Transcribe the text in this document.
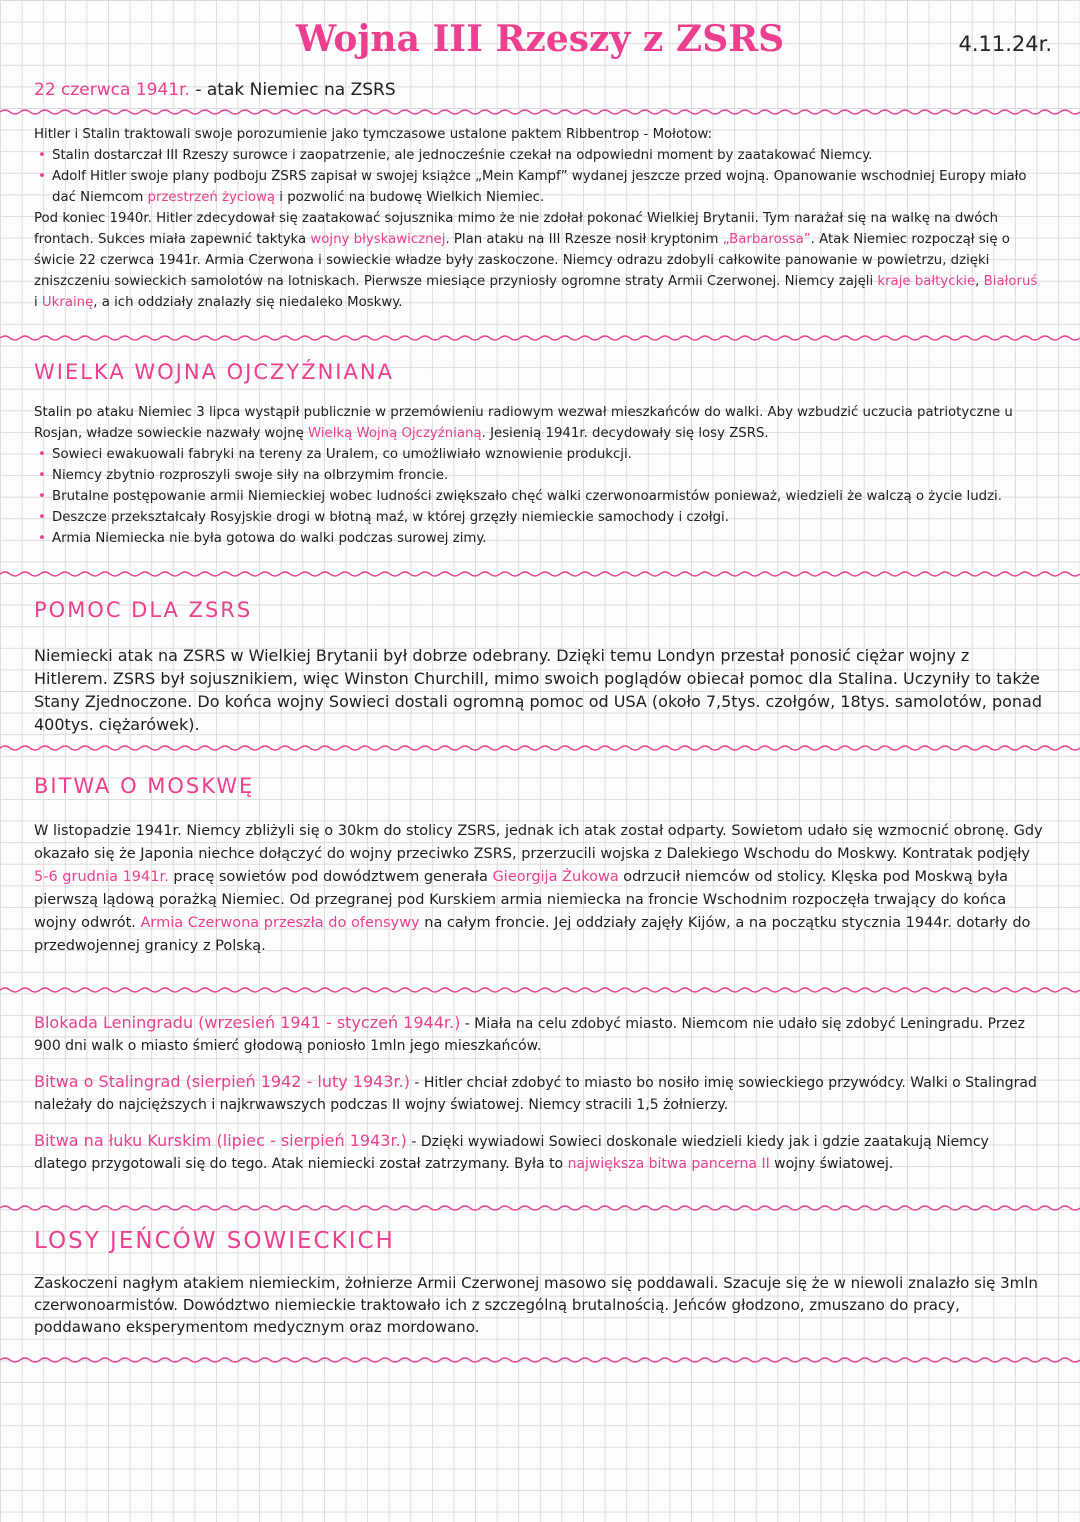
Wojna III Rzeszy z ZSRS	4.11.24r.
22 czerwca 1941r. - atak Niemiec na ZSRS

Hitler i Stalin traktowali swoje porozumienie jako tymczasowe ustalone paktem Ribbentrop - Mołotow:

• Stalin dostarczał III Rzeszy surowce i zaopatrzenie, ale jednocześnie czekał na odpowiedni moment by zaatakować Niemcy.
• Adolf Hitler swoje plany podboju ZSRS zapisał w swojej książce „Mein Kampf” wydanej jeszcze przed wojną. Opanowanie wschodniej Europy miało dać Niemcom przestrzeń życiową i pozwolić na budowę Wielkich Niemiec.

Pod koniec 1940r. Hitler zdecydował się zaatakować sojusznika mimo że nie zdołał pokonać Wielkiej Brytanii. Tym narażał się na walkę na dwóch frontach. Sukces miała zapewnić taktyka wojny błyskawicznej. Plan ataku na III Rzesze nosił kryptonim „Barbarossa”. Atak Niemiec rozpoczął się o świcie 22 czerwca 1941r. Armia Czerwona i sowieckie władze były zaskoczone. Niemcy odrazu zdobyli całkowite panowanie w powietrzu, dzięki zniszczeniu sowieckich samolotów na lotniskach. Pierwsze miesiące przyniosły ogromne straty Armii Czerwonej. Niemcy zajęli kraje bałtyckie, Białoruś i Ukrainę, a ich oddziały znalazły się niedaleko Moskwy.

WIELKA WOJNA OJCZYŹNIANA

Stalin po ataku Niemiec 3 lipca wystąpił publicznie w przemówieniu radiowym wezwał mieszkańców do walki. Aby wzbudzić uczucia patriotyczne u Rosjan, władze sowieckie nazwały wojnę Wielką Wojną Ojczyźnianą. Jesienią 1941r. decydowały się losy ZSRS.

• Sowieci ewakuowali fabryki na tereny za Uralem, co umożliwiało wznowienie produkcji.
• Niemcy zbytnio rozproszyli swoje siły na olbrzymim froncie.
• Brutalne postępowanie armii Niemieckiej wobec ludności zwiększało chęć walki czerwonoarmistów ponieważ, wiedzieli że walczą o życie ludzi.
• Deszcze przekształcały Rosyjskie drogi w błotną maź, w której grzęzły niemieckie samochody i czołgi.
• Armia Niemiecka nie była gotowa do walki podczas surowej zimy.
POMOC DLA ZSRS
Niemiecki atak na ZSRS w Wielkiej Brytanii był dobrze odebrany. Dzięki temu Londyn przestał ponosić ciężar wojny z Hitlerem. ZSRS był sojusznikiem, więc Winston Churchill, mimo swoich poglądów obiecał pomoc dla Stalina. Uczyniły to także Stany Zjednoczone. Do końca wojny Sowieci dostali ogromną pomoc od USA (około 7,5tys. czołgów, 18tys. samolotów, ponad 400tys. ciężarówek).
BITWA O MOSKWĘ

W listopadzie 1941r. Niemcy zbliżyli się o 30km do stolicy ZSRS, jednak ich atak został odparty. Sowietom udało się wzmocnić obronę. Gdy okazało się że Japonia niechce dołączyć do wojny przeciwko ZSRS, przerzucili wojska z Dalekiego Wschodu do Moskwy. Kontratak podjęły 5-6 grudnia 1941r. pracę sowietów pod dowództwem generała Gieorgija Żukowa odrzucił niemców od stolicy. Klęska pod Moskwą była pierwszą lądową porażką Niemiec. Od przegranej pod Kurskiem armia niemiecka na froncie Wschodnim rozpoczęła trwający do końca wojny odwrót. Armia Czerwona przeszła do ofensywy na całym froncie. Jej oddziały zajęły Kijów, a na początku stycznia 1944r. dotarły do przedwojennej granicy z Polską.

Blokada Leningradu (wrzesień 1941 - styczeń 1944r.) - Miała na celu zdobyć miasto. Niemcom nie udało się zdobyć Leningradu. Przez 900 dni walk o miasto śmierć głodową poniosło 1mln jego mieszkańców.

Bitwa o Stalingrad (sierpień 1942 - luty 1943r.) - Hitler chciał zdobyć to miasto bo nosiło imię sowieckiego przywódcy. Walki o Stalingrad należały do najcięższych i najkrwawszych podczas II wojny światowej. Niemcy stracili 1,5 żołnierzy.

Bitwa na łuku Kurskim (lipiec - sierpień 1943r.) - Dzięki wywiadowi Sowieci doskonale wiedzieli kiedy jak i gdzie zaatakują Niemcy dlatego przygotowali się do tego. Atak niemiecki został zatrzymany. Była to największa bitwa pancerna II wojny światowej.

LOSY JEŃCÓW SOWIECKICH
Zaskoczeni nagłym atakiem niemieckim, żołnierze Armii Czerwonej masowo się poddawali. Szacuje się że w niewoli znalazło się 3mln czerwonoarmistów. Dowództwo niemieckie traktowało ich z szczególną brutalnością. Jeńców głodzono, zmuszano do pracy, poddawano eksperymentom medycznym oraz mordowano.
